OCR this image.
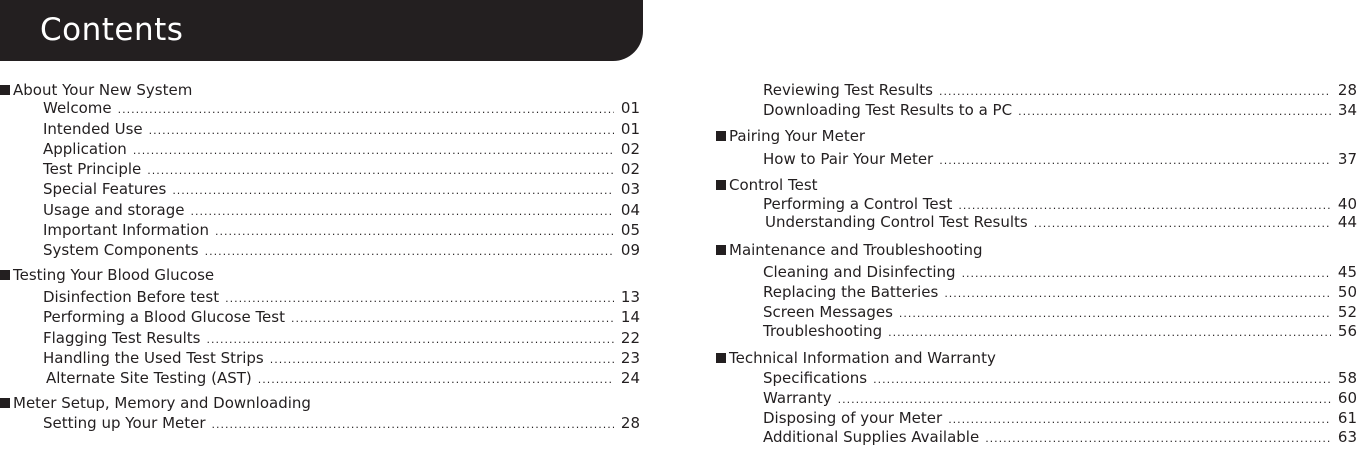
Contents
About Your New System
Welcome .....	01
Intended Use .....	01
Application .....	02
Test Principle .....	02
Special Features .....	03
Usage and storage .....	04
Important Information .....	05
System Components .....	09
Testing Your Blood Glucose
Disinfection Before test .....	13
Performing a Blood Glucose Test .....	14
Flagging Test Results .....	22
Handling the Used Test Strips .....	23
Alternate Site Testing (AST) .....	24
Meter Setup, Memory and Downloading
Setting up Your Meter .....	28
Reviewing Test Results .....	28
Downloading Test Results to a PC .....	34
Pairing Your Meter
How to Pair Your Meter .....	37
Control Test
Performing a Control Test .....	40
Understanding Control Test Results .....	44
Maintenance and Troubleshooting
Cleaning and Disinfecting .....	45
Replacing the Batteries .....	50
Screen Messages .....	52
Troubleshooting .....	56
Technical Information and Warranty
Specifications .....	58
Warranty .....	60
Disposing of your Meter .....	61
Additional Supplies Available .....	63
